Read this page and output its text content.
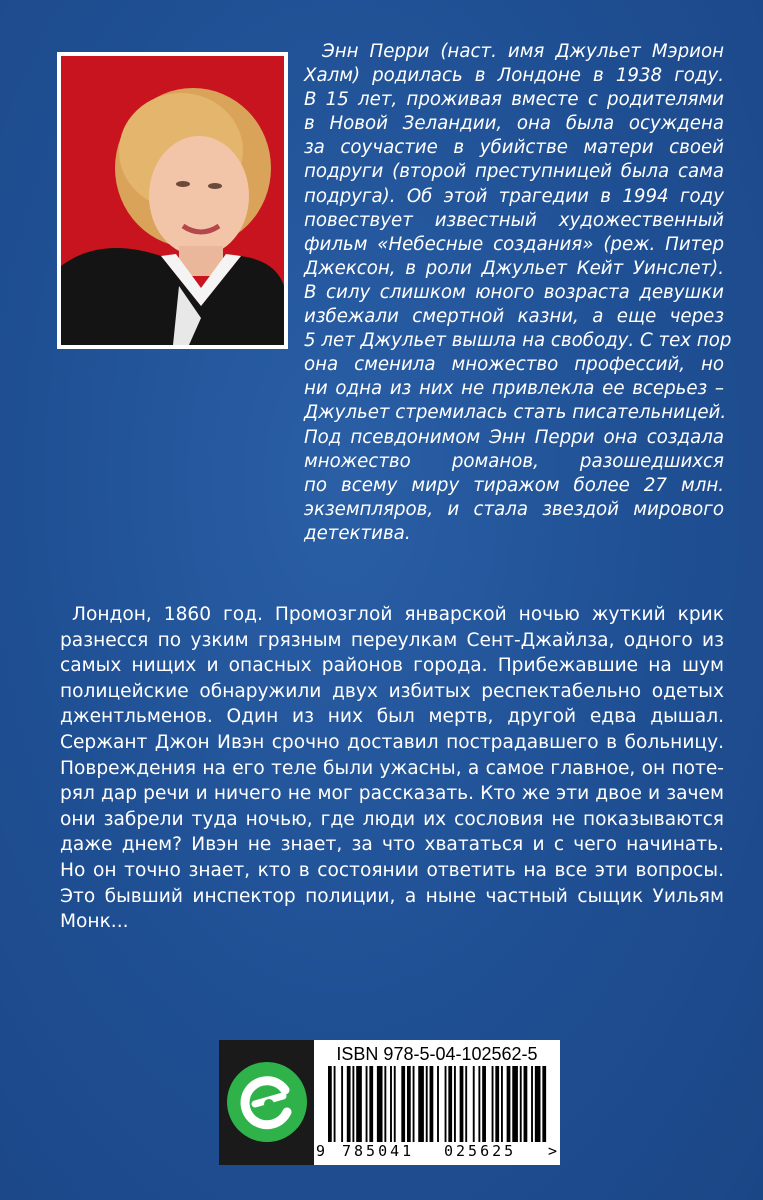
Энн Перри (наст. имя Джульет Мэрион
Халм) родилась в Лондоне в 1938 году.
В 15 лет, проживая вместе с родителями
в Новой Зеландии, она была осуждена
за соучастие в убийстве матери своей
подруги (второй преступницей была сама
подруга). Об этой трагедии в 1994 году
повествует известный художественный
фильм «Небесные создания» (реж. Питер
Джексон, в роли Джульет Кейт Уинслет).
В силу слишком юного возраста девушки
избежали смертной казни, а еще через
5 лет Джульет вышла на свободу. С тех пор
она сменила множество профессий, но
ни одна из них не привлекла ее всерьез –
Джульет стремилась стать писательницей.
Под псевдонимом Энн Перри она создала
множество романов, разошедшихся
по всему миру тиражом более 27 млн.
экземпляров, и стала звездой мирового
детектива.
Лондон, 1860 год. Промозглой январской ночью жуткий крик
разнесся по узким грязным переулкам Сент-Джайлза, одного из
самых нищих и опасных районов города. Прибежавшие на шум
полицейские обнаружили двух избитых респектабельно одетых
джентльменов. Один из них был мертв, другой едва дышал.
Сержант Джон Ивэн срочно доставил пострадавшего в больницу.
Повреждения на его теле были ужасны, а самое главное, он поте-
рял дар речи и ничего не мог рассказать. Кто же эти двое и зачем
они забрели туда ночью, где люди их сословия не показываются
даже днем? Ивэн не знает, за что хвататься и с чего начинать.
Но он точно знает, кто в состоянии ответить на все эти вопросы.
Это бывший инспектор полиции, а ныне частный сыщик Уильям
Монк...
ISBN 978-5-04-102562-5
9 785041 025625 >
